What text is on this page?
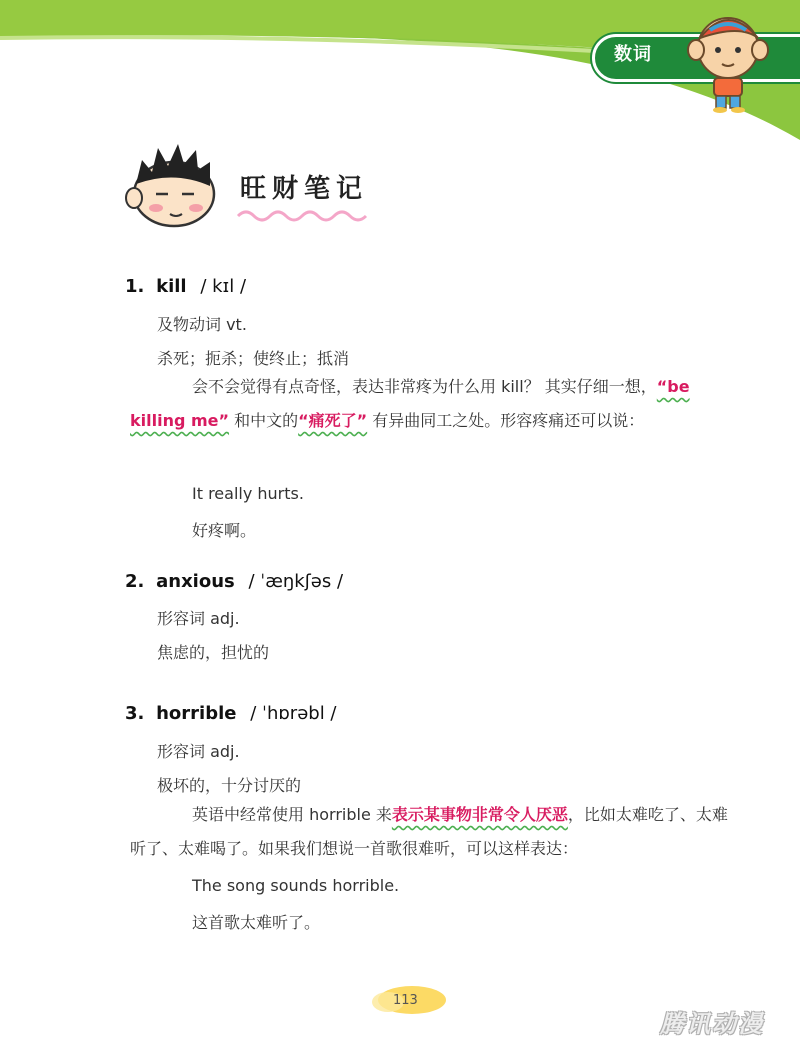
数词
旺财笔记
1. kill / kɪl /
及物动词 vt.
杀死；扼杀；使终止；抵消
会不会觉得有点奇怪，表达非常疼为什么用 kill？ 其实仔细一想，“be killing me” 和中文的“痛死了” 有异曲同工之处。形容疼痛还可以说：
It really hurts.
好疼啊。
2. anxious / ˈæŋkʃəs /
形容词 adj.
焦虑的，担忧的
3. horrible / ˈhɒrəbl /
形容词 adj.
极坏的，十分讨厌的
英语中经常使用 horrible 来表示某事物非常令人厌恶，比如太难吃了、太难听了、太难喝了。如果我们想说一首歌很难听，可以这样表达：
The song sounds horrible.
这首歌太难听了。
113
腾讯动漫
